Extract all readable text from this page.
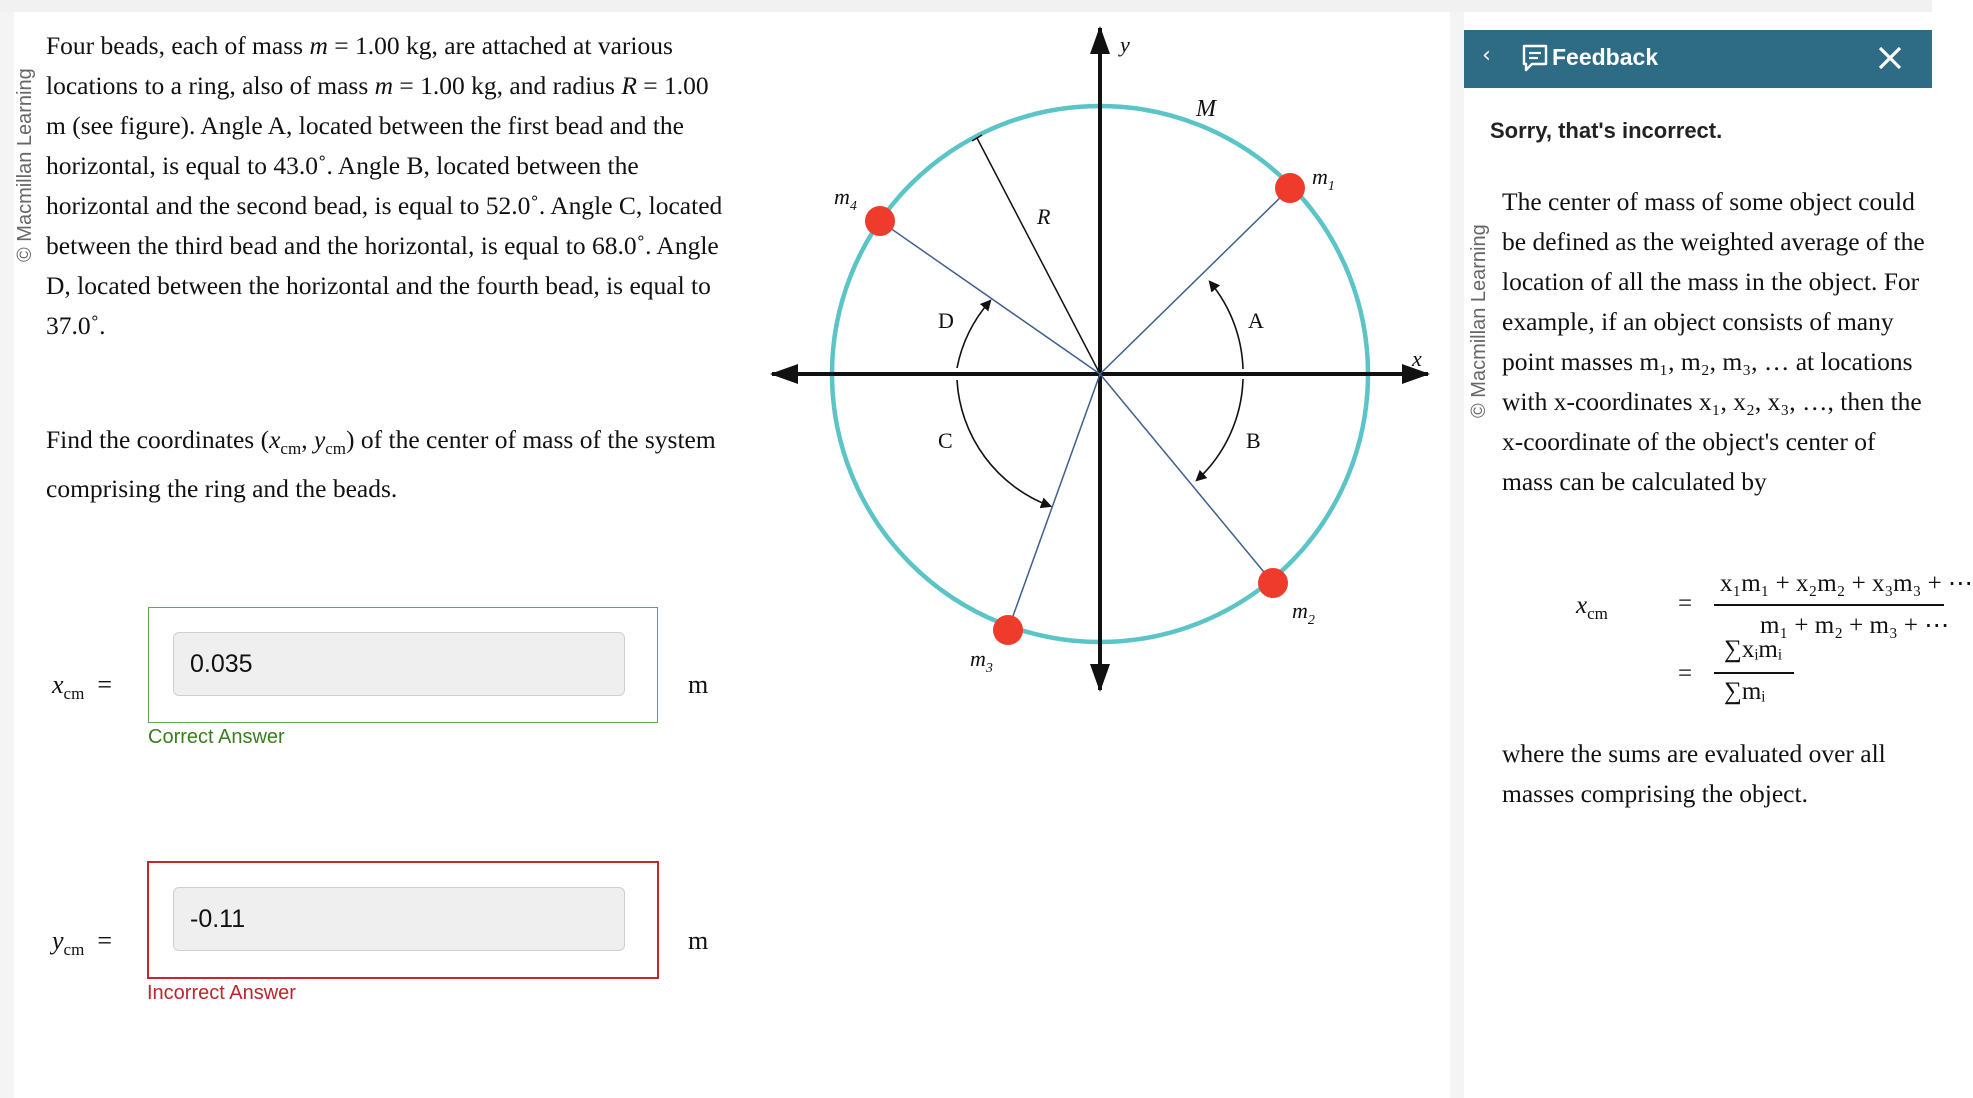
© Macmillan Learning
Four beads, each of mass m = 1.00 kg, are attached at various locations to a ring, also of mass m = 1.00 kg, and radius R = 1.00 m (see figure). Angle A, located between the first bead and the horizontal, is equal to 43.0˚. Angle B, located between the horizontal and the second bead, is equal to 52.0˚. Angle C, located between the third bead and the horizontal, is equal to 68.0˚. Angle D, located between the horizontal and the fourth bead, is equal to 37.0˚.
Find the coordinates ($x_{cm}$, $y_{cm}$) of the center of mass of the system comprising the ring and the beads.
$x_{cm}$ =
0.035
m
Correct Answer
$y_{cm}$ =
-0.11
m
Incorrect Answer
y
x
M
R
$m_1$
$m_2$
$m_3$
$m_4$
A
B
C
D
‹	Feedback
Sorry, that's incorrect.
© Macmillan Learning
The center of mass of some object could be defined as the weighted average of the location of all the mass in the object. For example, if an object consists of many point masses m₁, m₂, m₃, … at locations with x-coordinates x₁, x₂, x₃, …, then the x-coordinate of the object's center of mass can be calculated by
$x_{cm}$	=
x₁m₁ + x₂m₂ + x₃m₃ + ⋯
m₁ + m₂ + m₃ + ⋯
=
∑xᵢmᵢ
∑mᵢ
where the sums are evaluated over all masses comprising the object.
